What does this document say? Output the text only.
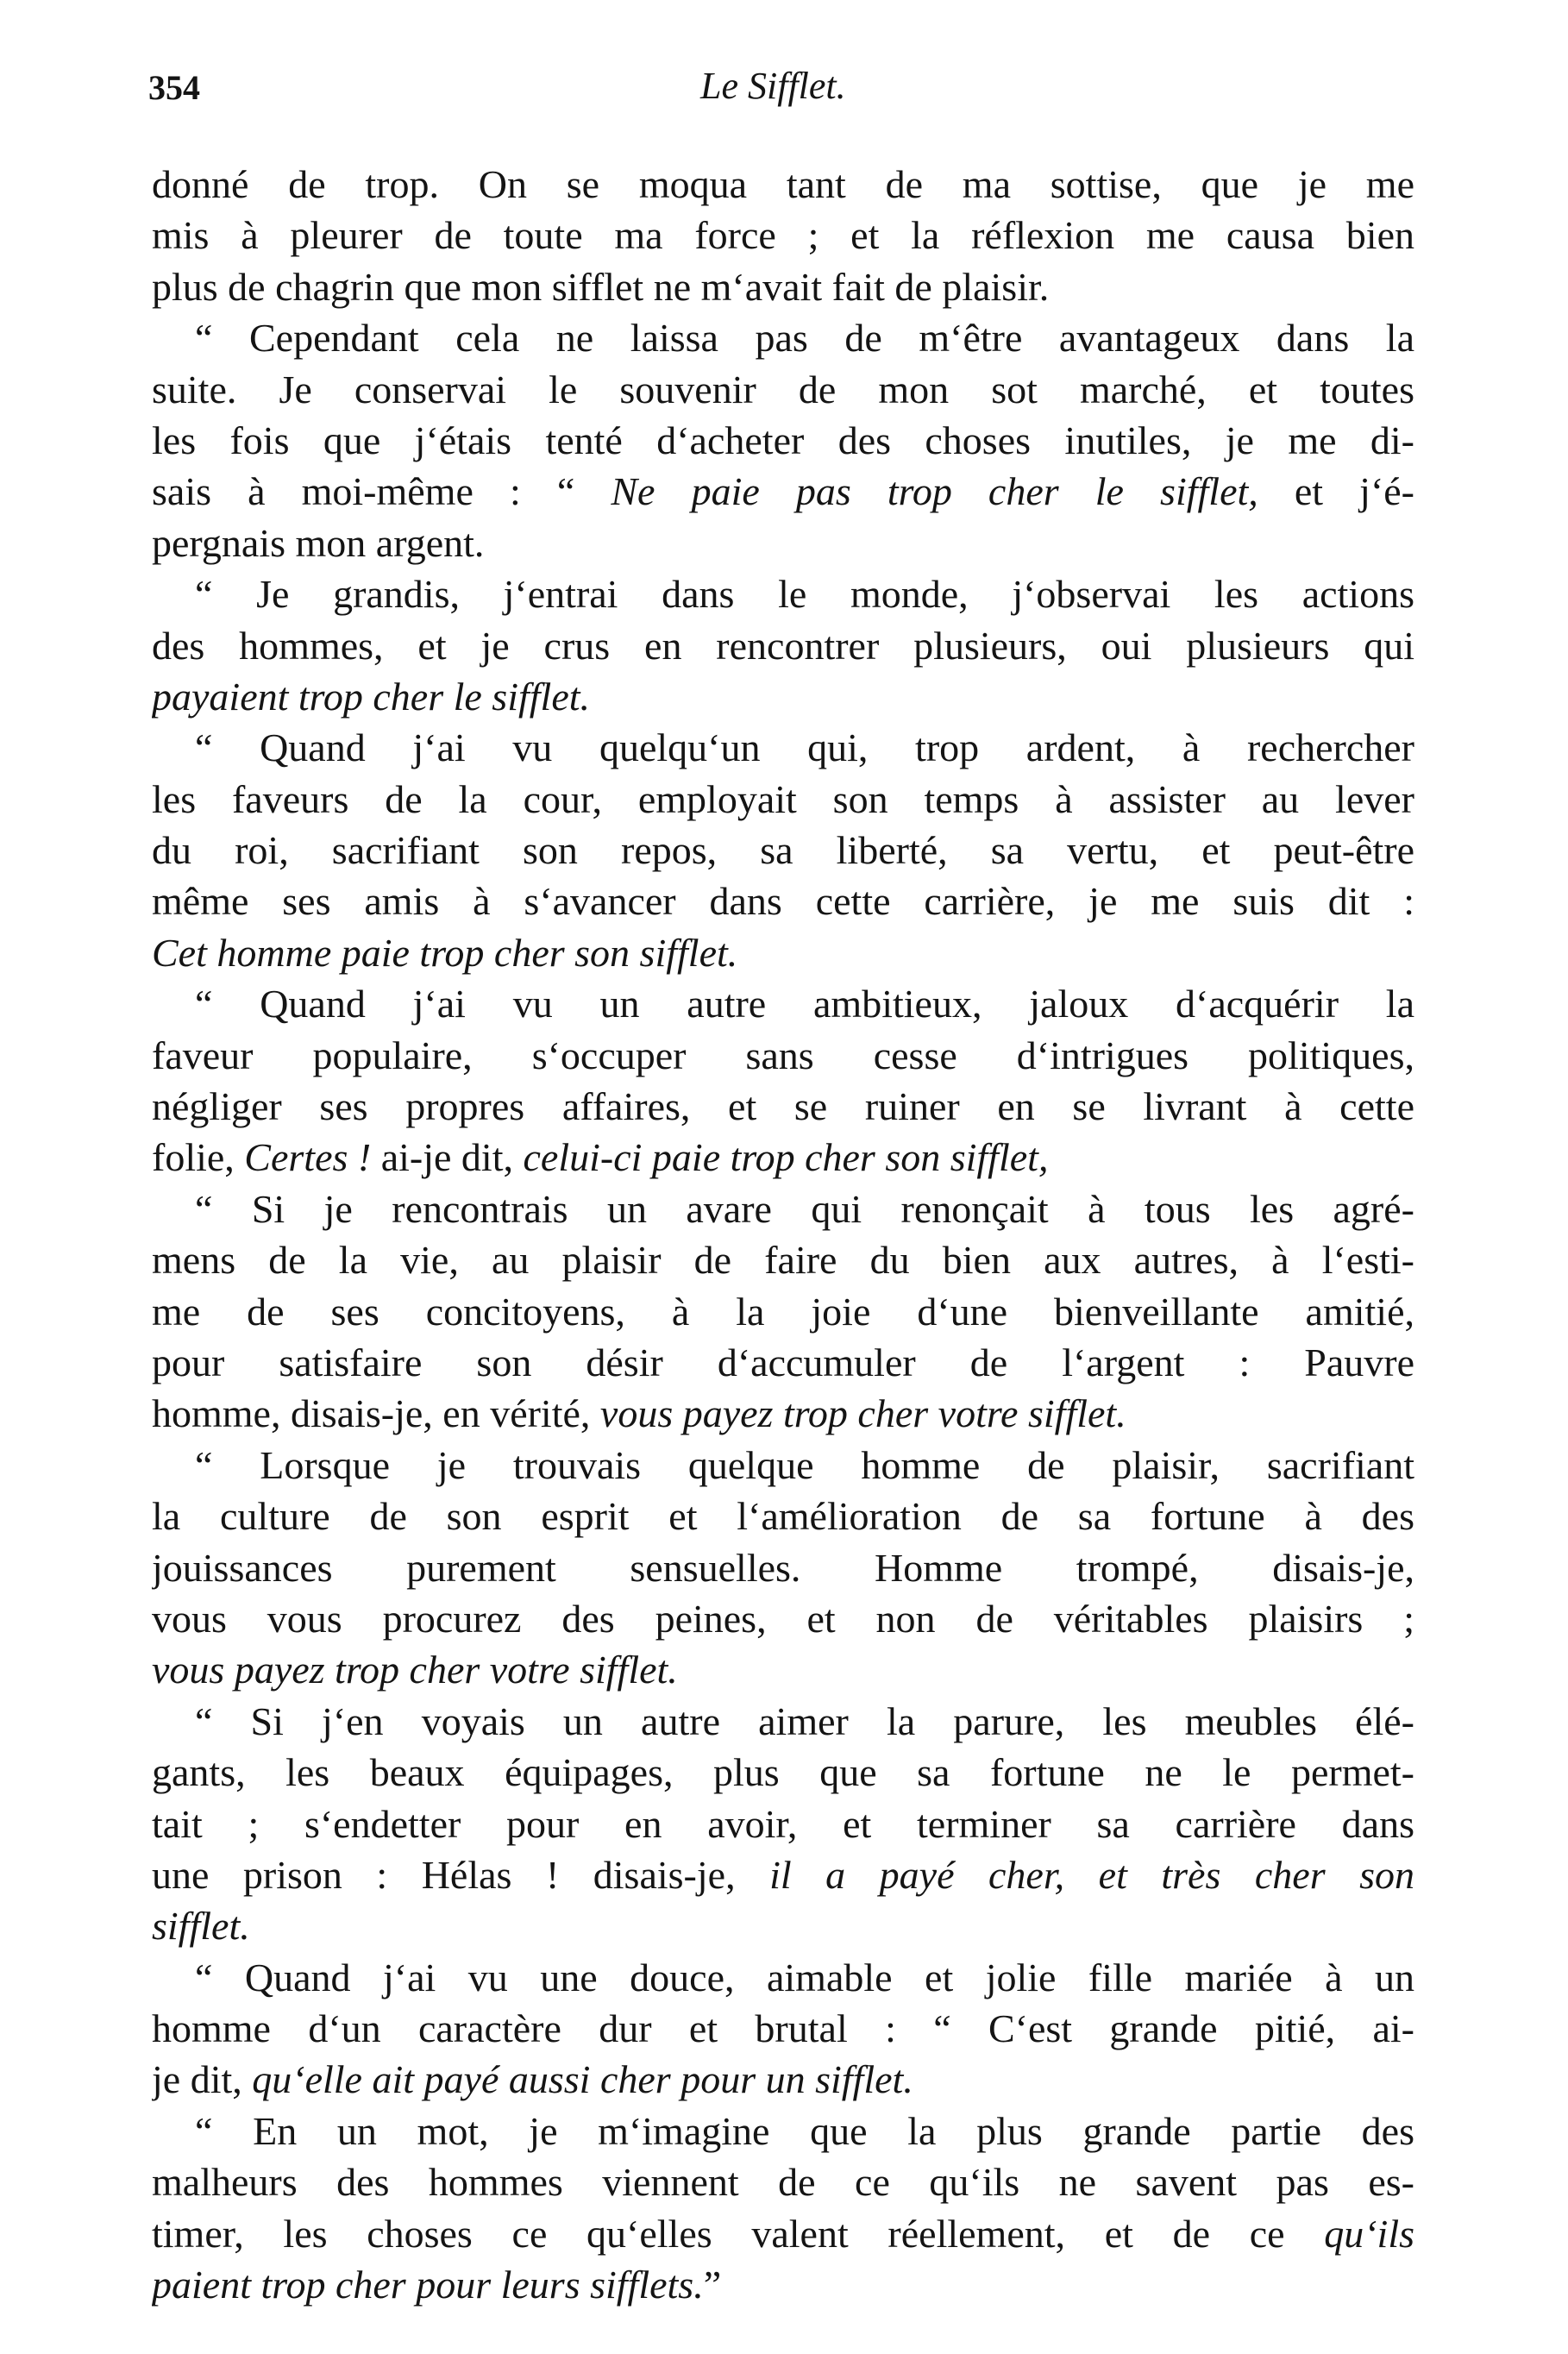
354	Le Sifflet.
donné de trop. On se moqua tant de ma sottise, que je me
mis à pleurer de toute ma force ; et la réflexion me causa bien
plus de chagrin que mon sifflet ne m‘avait fait de plaisir.
“ Cependant cela ne laissa pas de m‘être avantageux dans la
suite. Je conservai le souvenir de mon sot marché, et toutes
les fois que j‘étais tenté d‘acheter des choses inutiles, je me di-
sais à moi-même : “ Ne paie pas trop cher le sifflet, et j‘é-
pergnais mon argent.
“ Je grandis, j‘entrai dans le monde, j‘observai les actions
des hommes, et je crus en rencontrer plusieurs, oui plusieurs qui
payaient trop cher le sifflet.
“ Quand j‘ai vu quelqu‘un qui, trop ardent, à rechercher
les faveurs de la cour, employait son temps à assister au lever
du roi, sacrifiant son repos, sa liberté, sa vertu, et peut-être
même ses amis à s‘avancer dans cette carrière, je me suis dit :
Cet homme paie trop cher son sifflet.
“ Quand j‘ai vu un autre ambitieux, jaloux d‘acquérir la
faveur populaire, s‘occuper sans cesse d‘intrigues politiques,
négliger ses propres affaires, et se ruiner en se livrant à cette
folie, Certes ! ai-je dit, celui-ci paie trop cher son sifflet,
“ Si je rencontrais un avare qui renonçait à tous les agré-
mens de la vie, au plaisir de faire du bien aux autres, à l‘esti-
me de ses concitoyens, à la joie d‘une bienveillante amitié,
pour satisfaire son désir d‘accumuler de l‘argent : Pauvre
homme, disais-je, en vérité, vous payez trop cher votre sifflet.
“ Lorsque je trouvais quelque homme de plaisir, sacrifiant
la culture de son esprit et l‘amélioration de sa fortune à des
jouissances purement sensuelles. Homme trompé, disais-je,
vous vous procurez des peines, et non de véritables plaisirs ;
vous payez trop cher votre sifflet.
“ Si j‘en voyais un autre aimer la parure, les meubles élé-
gants, les beaux équipages, plus que sa fortune ne le permet-
tait ; s‘endetter pour en avoir, et terminer sa carrière dans
une prison : Hélas ! disais-je, il a payé cher, et très cher son
sifflet.
“ Quand j‘ai vu une douce, aimable et jolie fille mariée à un
homme d‘un caractère dur et brutal : “ C‘est grande pitié, ai-
je dit, qu‘elle ait payé aussi cher pour un sifflet.
“ En un mot, je m‘imagine que la plus grande partie des
malheurs des hommes viennent de ce qu‘ils ne savent pas es-
timer, les choses ce qu‘elles valent réellement, et de ce qu‘ils
paient trop cher pour leurs sifflets.”
